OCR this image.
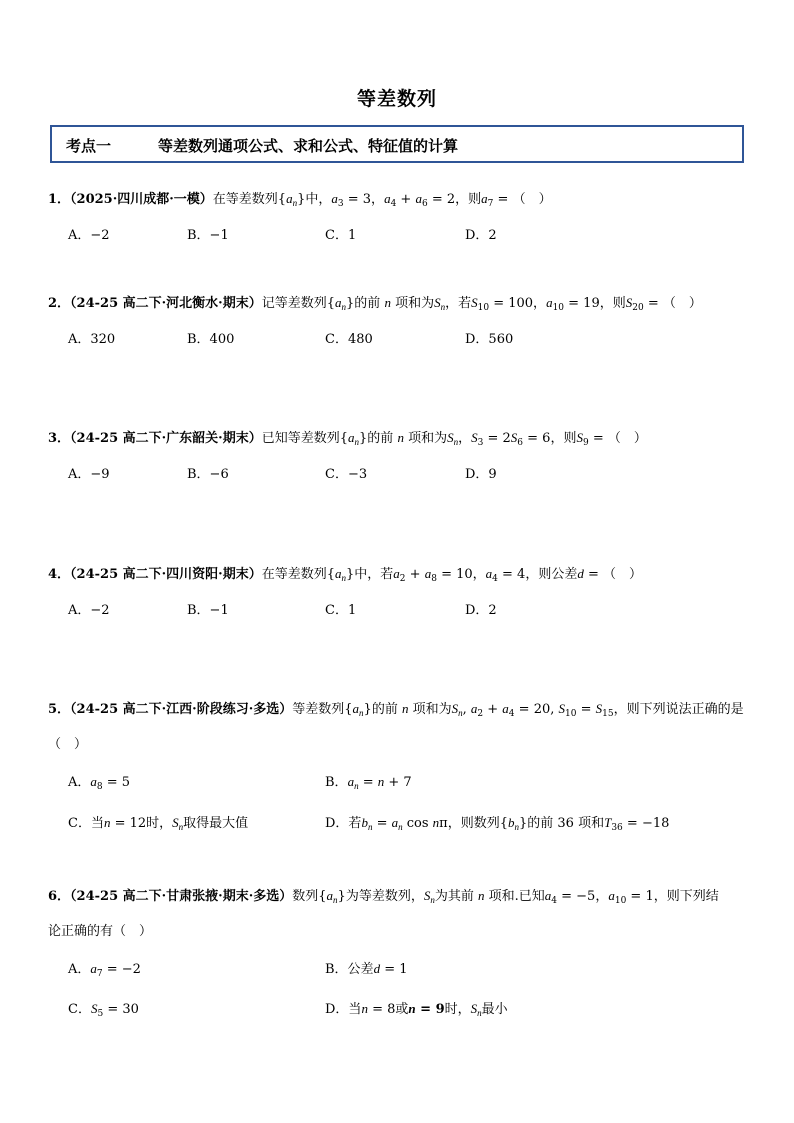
等差数列
考点一	等差数列通项公式、求和公式、特征值的计算
1．（2025·四川成都·一模）在等差数列$\{a_n\}$中，$a_3 = 3$，$a_4 + a_6 = 2$，则$a_7$ = （　）
A．−2	B．−1	C．1	D．2
2．（24-25 高二下·河北衡水·期末）记等差数列$\{a_n\}$的前 n 项和为$S_n$，若$S_{10} = 100$，$a_{10} = 19$，则$S_{20}$ = （　）
A．320	B．400	C．480	D．560
3．（24-25 高二下·广东韶关·期末）已知等差数列$\{a_n\}$的前 n 项和为$S_n$，$S_3 = 2S_6 = 6$，则$S_9$ = （　）
A．−9	B．−6	C．−3	D．9
4．（24-25 高二下·四川资阳·期末）在等差数列$\{a_n\}$中，若$a_2 + a_8 = 10$，$a_4 = 4$，则公差d = （　）
A．−2	B．−1	C．1	D．2
5．（24-25 高二下·江西·阶段练习·多选）等差数列$\{a_n\}$的前 n 项和为$S_n$, $a_2 + a_4 = 20$, $S_{10} = S_{15}$，则下列说法正确的是
（　）
A．$a_8 = 5$	B．$a_n = n + 7$
C．当n = 12时，$S_n$取得最大值	D．若$b_n = a_n$ cos nπ，则数列$\{b_n\}$的前 36 项和$T_{36} = -18$
6．（24-25 高二下·甘肃张掖·期末·多选）数列$\{a_n\}$为等差数列，$S_n$为其前 n 项和.已知$a_4 = -5$，$a_{10} = 1$，则下列结
论正确的有（　）
A．$a_7 = -2$	B．公差d = 1
C．$S_5 = 30$	D．当n = 8或n = 9时，$S_n$最小
